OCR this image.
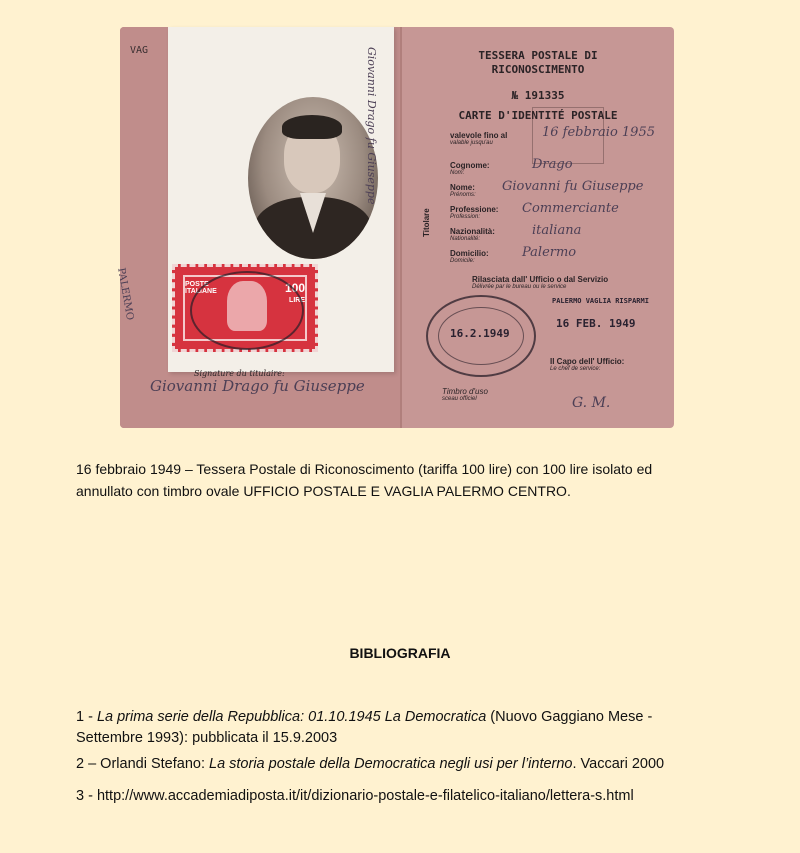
VAG
PALERMO
Giovanni Drago fu Giuseppe
POSTE ITALIANE	100
LIRE
Signature du titulaire:
Giovanni Drago fu Giuseppe
TESSERA POSTALE DI
RICONOSCIMENTO
№ 191335
CARTE D'IDENTITÉ POSTALE
valevole fino al
valable jusqu'au
16 febbraio 1955
Titolare
Cognome:
Nom:
Drago
Nome:
Prénoms:
Giovanni fu Giuseppe
Professione:
Profession:
Commerciante
Nazionalità:
Nationalité:
italiana
Domicilio:
Domicile:
Palermo
Rilasciata dall' Ufficio o dal Servizio
Délivrée par le bureau ou le service
PALERMO VAGLIA RISPARMI
16 FEB. 1949
16.2.1949
Il Capo dell' Ufficio:
Le chef de service:
Timbro d'uso
sceau officiel	G. M.
16 febbraio 1949 – Tessera Postale di Riconoscimento (tariffa 100 lire) con 100 lire isolato ed
annullato con timbro ovale UFFICIO POSTALE E VAGLIA PALERMO CENTRO.
BIBLIOGRAFIA
1 - La prima serie della Repubblica: 01.10.1945 La Democratica (Nuovo Gaggiano Mese -
Settembre 1993): pubblicata il 15.9.2003
2 – Orlandi Stefano: La storia postale della Democratica negli usi per l’interno. Vaccari 2000
3 - http://www.accademiadiposta.it/it/dizionario-postale-e-filatelico-italiano/lettera-s.html
